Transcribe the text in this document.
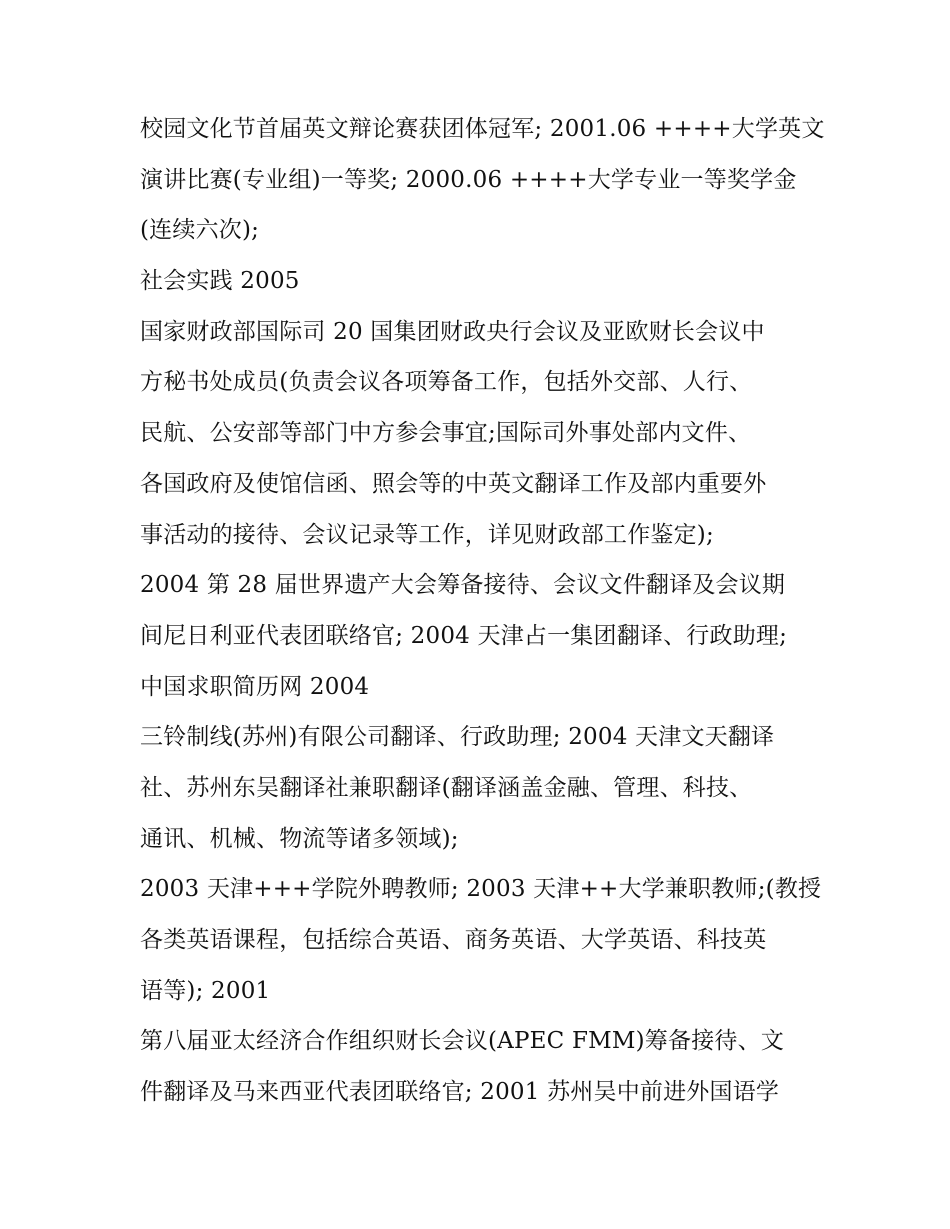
校园文化节首届英文辩论赛获团体冠军; 2001.06 ++++大学英文
演讲比赛(专业组)一等奖; 2000.06 ++++大学专业一等奖学金
(连续六次);
社会实践 2005
国家财政部国际司 20 国集团财政央行会议及亚欧财长会议中
方秘书处成员(负责会议各项筹备工作，包括外交部、人行、
民航、公安部等部门中方参会事宜;国际司外事处部内文件、
各国政府及使馆信函、照会等的中英文翻译工作及部内重要外
事活动的接待、会议记录等工作，详见财政部工作鉴定);
2004 第 28 届世界遗产大会筹备接待、会议文件翻译及会议期
间尼日利亚代表团联络官; 2004 天津占一集团翻译、行政助理;
中国求职简历网 2004
三铃制线(苏州)有限公司翻译、行政助理; 2004 天津文天翻译
社、苏州东吴翻译社兼职翻译(翻译涵盖金融、管理、科技、
通讯、机械、物流等诸多领域);
2003 天津+++学院外聘教师; 2003 天津++大学兼职教师;(教授
各类英语课程，包括综合英语、商务英语、大学英语、科技英
语等); 2001
第八届亚太经济合作组织财长会议(APEC FMM)筹备接待、文
件翻译及马来西亚代表团联络官; 2001 苏州吴中前进外国语学
